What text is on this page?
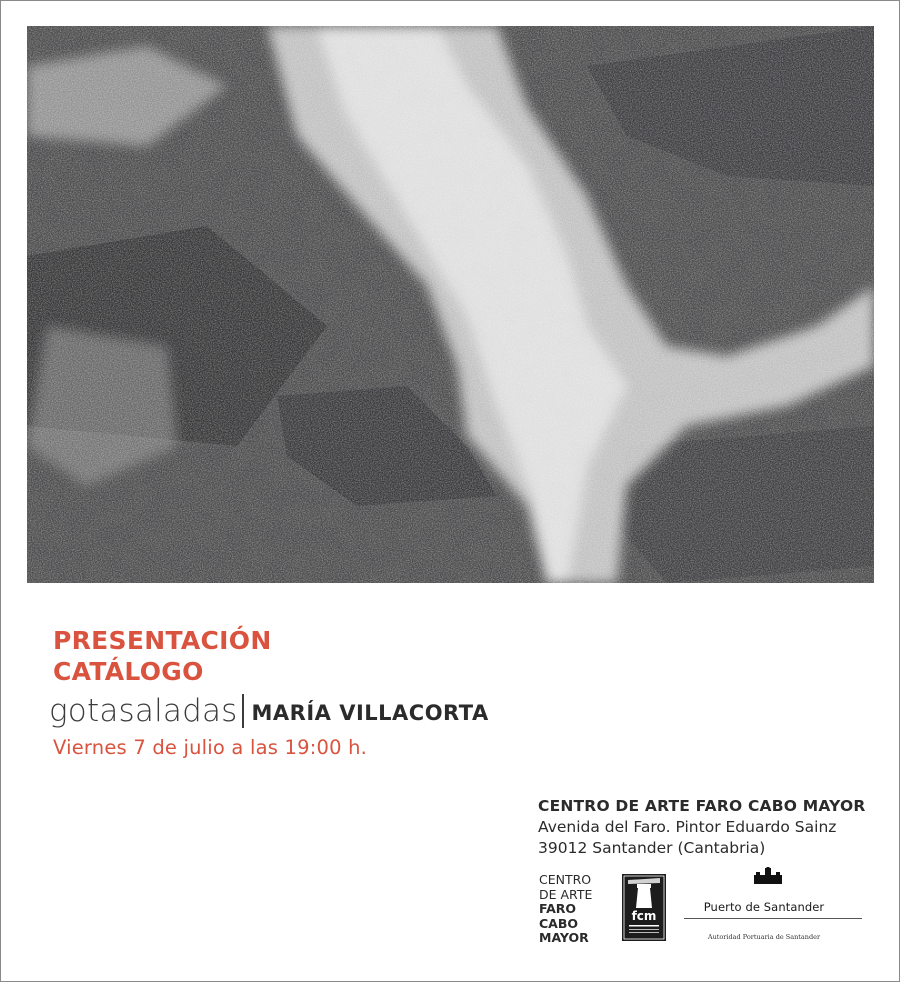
PRESENTACIÓN
CATÁLOGO
gotasaladas MARÍA VILLACORTA
Viernes 7 de julio a las 19:00 h.
CENTRO DE ARTE FARO CABO MAYOR
Avenida del Faro. Pintor Eduardo Sainz
39012 Santander (Cantabria)
CENTRO
DE ARTE
FARO
CABO
MAYOR
fcm
Puerto de Santander
Autoridad Portuaria de Santander
